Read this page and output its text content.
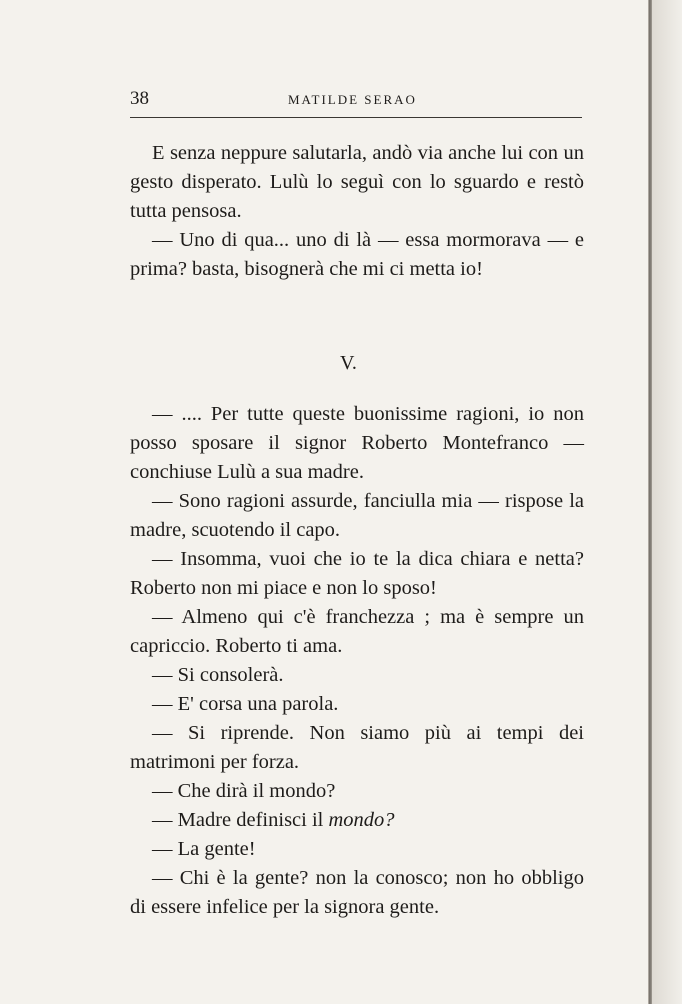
38	MATILDE SERAO

E senza neppure salutarla, andò via anche lui con un gesto disperato. Lulù lo seguì con lo sguardo e restò tutta pensosa.

— Uno di qua... uno di là — essa mormorava — e prima? basta, bisognerà che mi ci metta io!

V.

— .... Per tutte queste buonissime ragioni, io non posso sposare il signor Roberto Montefranco — conchiuse Lulù a sua madre.

— Sono ragioni assurde, fanciulla mia — rispose la madre, scuotendo il capo.

— Insomma, vuoi che io te la dica chiara e netta? Roberto non mi piace e non lo sposo!

— Almeno qui c'è franchezza ; ma è sempre un capriccio. Roberto ti ama.

— Si consolerà.

— E' corsa una parola.

— Si riprende. Non siamo più ai tempi dei matrimoni per forza.

— Che dirà il mondo?

— Madre definisci il mondo?

— La gente!

— Chi è la gente? non la conosco; non ho obbligo di essere infelice per la signora gente.
